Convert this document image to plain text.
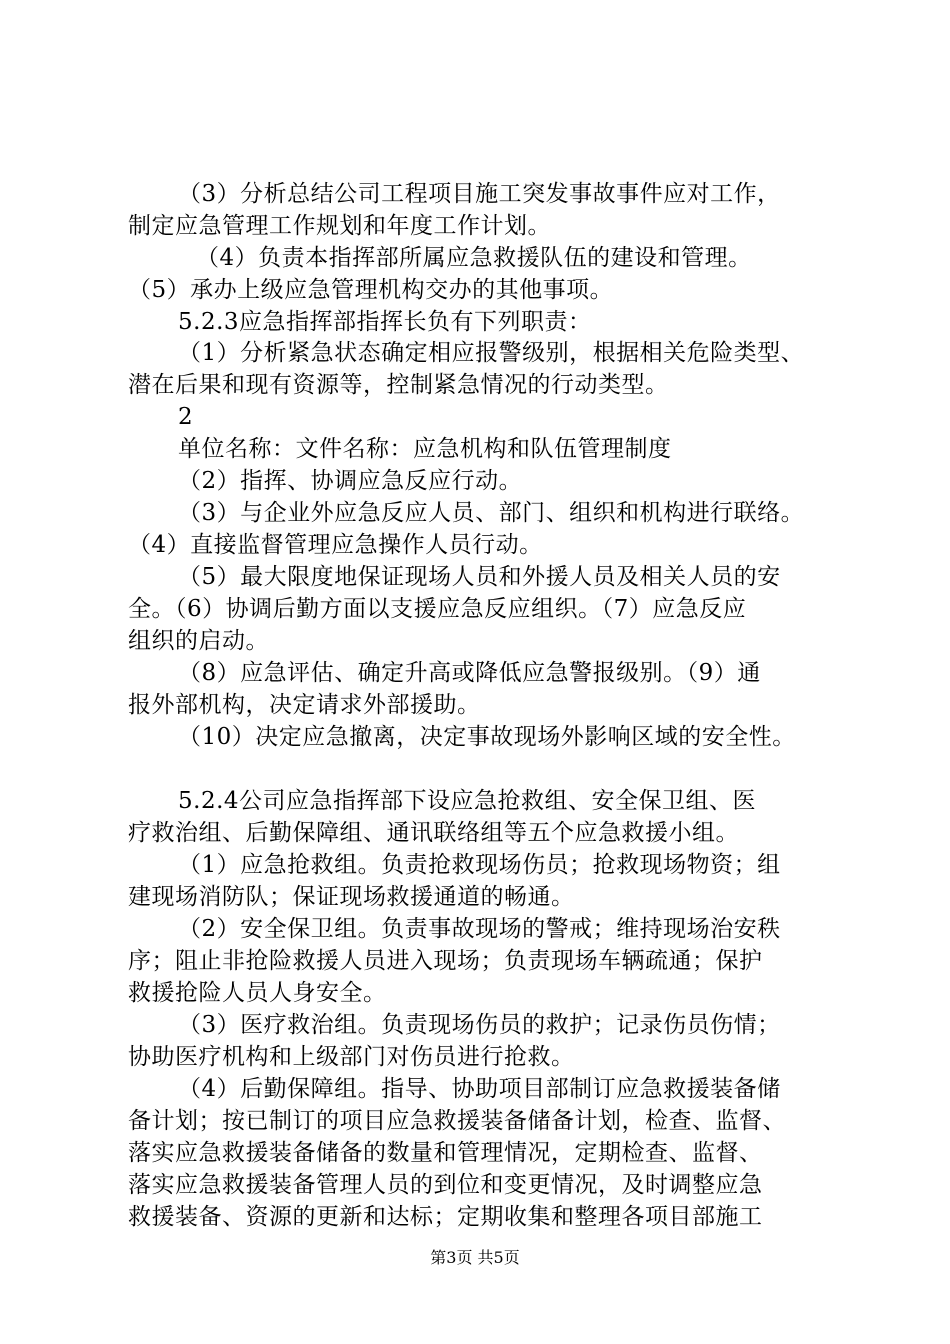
（3）分析总结公司工程项目施工突发事故事件应对工作，
制定应急管理工作规划和年度工作计划。
（4）负责本指挥部所属应急救援队伍的建设和管理。
（5）承办上级应急管理机构交办的其他事项。
5.2.3应急指挥部指挥长负有下列职责：
（1）分析紧急状态确定相应报警级别，根据相关危险类型、
潜在后果和现有资源等，控制紧急情况的行动类型。
2
单位名称：文件名称：应急机构和队伍管理制度
（2）指挥、协调应急反应行动。
（3）与企业外应急反应人员、部门、组织和机构进行联络。
（4）直接监督管理应急操作人员行动。
（5）最大限度地保证现场人员和外援人员及相关人员的安
全。（6）协调后勤方面以支援应急反应组织。（7）应急反应
组织的启动。
（8）应急评估、确定升高或降低应急警报级别。（9）通
报外部机构，决定请求外部援助。
（10）决定应急撤离，决定事故现场外影响区域的安全性。
5.2.4公司应急指挥部下设应急抢救组、安全保卫组、医
疗救治组、后勤保障组、通讯联络组等五个应急救援小组。
（1）应急抢救组。负责抢救现场伤员；抢救现场物资；组
建现场消防队；保证现场救援通道的畅通。
（2）安全保卫组。负责事故现场的警戒；维持现场治安秩
序；阻止非抢险救援人员进入现场；负责现场车辆疏通；保护
救援抢险人员人身安全。
（3）医疗救治组。负责现场伤员的救护；记录伤员伤情；
协助医疗机构和上级部门对伤员进行抢救。
（4）后勤保障组。指导、协助项目部制订应急救援装备储
备计划；按已制订的项目应急救援装备储备计划，检查、监督、
落实应急救援装备储备的数量和管理情况，定期检查、监督、
落实应急救援装备管理人员的到位和变更情况，及时调整应急
救援装备、资源的更新和达标；定期收集和整理各项目部施工
第3页 共5页
